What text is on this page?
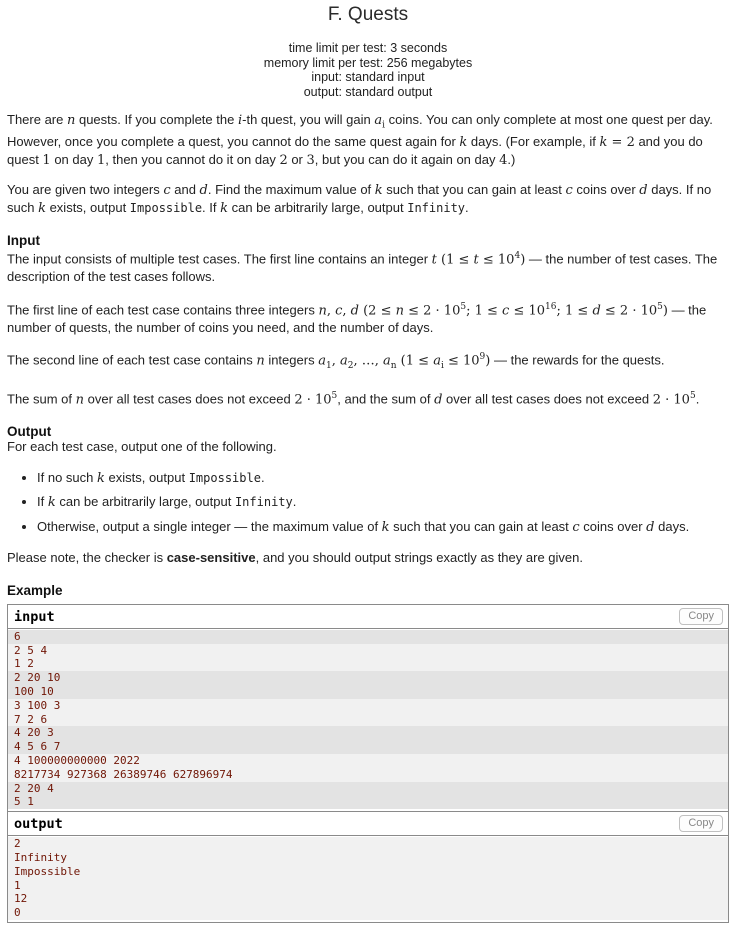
F. Quests
time limit per test: 3 seconds
memory limit per test: 256 megabytes
input: standard input
output: standard output

There are n quests. If you complete the i-th quest, you will gain $a_i$ coins. You can only complete at most one quest per day. However, once you complete a quest, you cannot do the same quest again for k days. (For example, if k = 2 and you do quest 1 on day 1, then you cannot do it on day 2 or 3, but you can do it again on day 4.)

You are given two integers c and d. Find the maximum value of k such that you can gain at least c coins over d days. If no such k exists, output Impossible. If k can be arbitrarily large, output Infinity.

Input

The input consists of multiple test cases. The first line contains an integer t $(1 \le t \le 10^4)$ — the number of test cases. The description of the test cases follows.

The first line of each test case contains three integers n, c, d ($2 \le n \le 2 \cdot 10^5$; $1 \le c \le 10^{16}$; $1 \le d \le 2 \cdot 10^5$) — the number of quests, the number of coins you need, and the number of days.

The second line of each test case contains n integers $a_1$, $a_2$, …, $a_n$ $(1 \le a_i \le 10^9)$ — the rewards for the quests.

The sum of n over all test cases does not exceed $2 \cdot 10^5$, and the sum of d over all test cases does not exceed $2 \cdot 10^5$.

Output

For each test case, output one of the following.

• If no such k exists, output Impossible.
• If k can be arbitrarily large, output Infinity.
• Otherwise, output a single integer — the maximum value of k such that you can gain at least c coins over d days.

Please note, the checker is case-sensitive, and you should output strings exactly as they are given.

Example
input	Copy
6
2 5 4
1 2
2 20 10
100 10
3 100 3
7 2 6
4 20 3
4 5 6 7
4 100000000000 2022
8217734 927368 26389746 627896974
2 20 4
5 1
output	Copy
2
Infinity
Impossible
1
12
0
